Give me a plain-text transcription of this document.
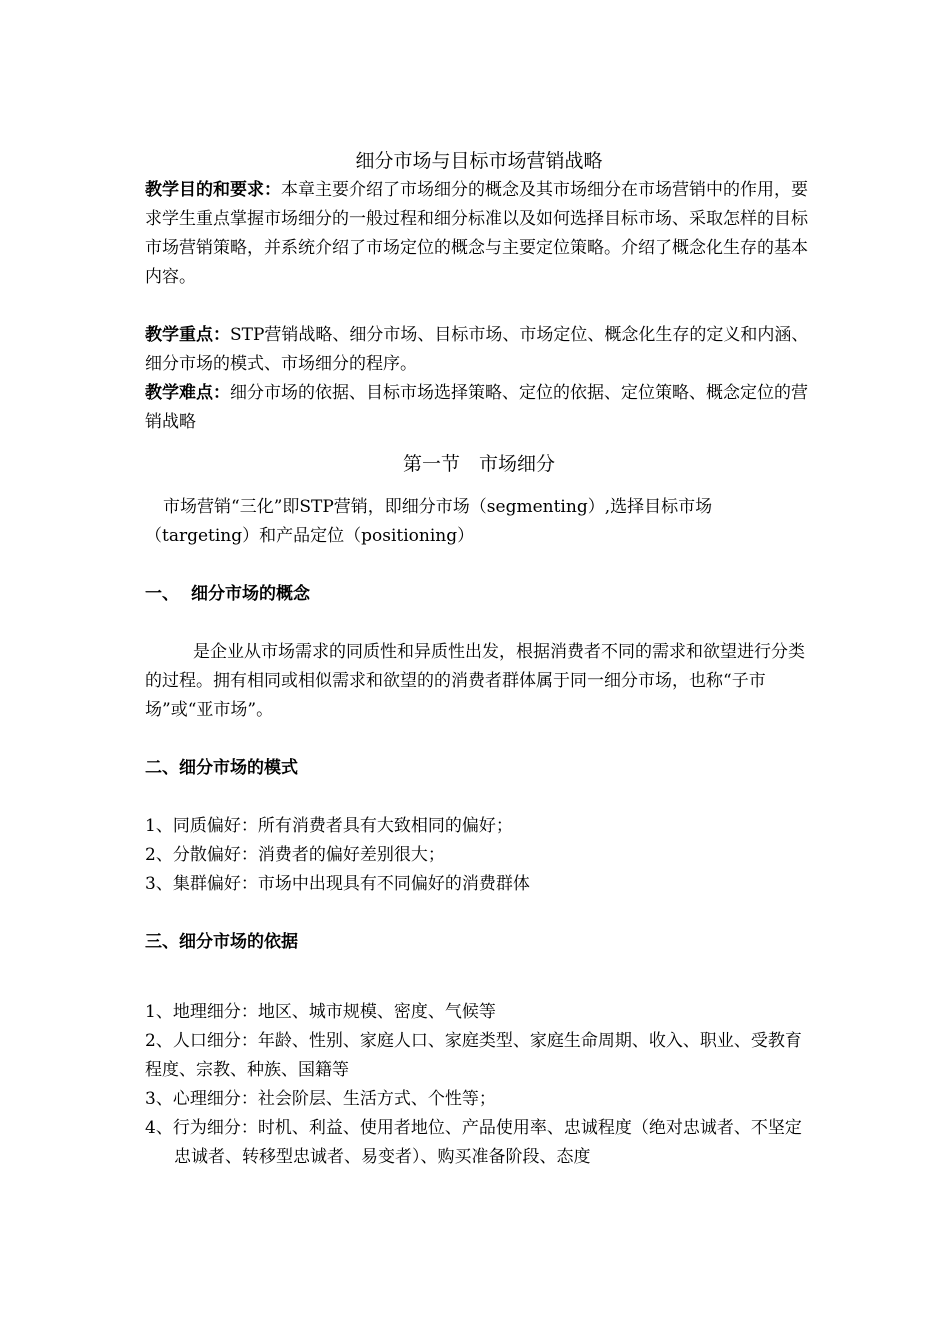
细分市场与目标市场营销战略

教学目的和要求：本章主要介绍了市场细分的概念及其市场细分在市场营销中的作用，要求学生重点掌握市场细分的一般过程和细分标准以及如何选择目标市场、采取怎样的目标市场营销策略，并系统介绍了市场定位的概念与主要定位策略。介绍了概念化生存的基本内容。

教学重点：STP营销战略、细分市场、目标市场、市场定位、概念化生存的定义和内涵、细分市场的模式、市场细分的程序。

教学难点：细分市场的依据、目标市场选择策略、定位的依据、定位策略、概念定位的营销战略

第一节　市场细分

市场营销“三化”即STP营销，即细分市场（segmenting）,选择目标市场（targeting）和产品定位（positioning）

一、 细分市场的概念

是企业从市场需求的同质性和异质性出发，根据消费者不同的需求和欲望进行分类的过程。拥有相同或相似需求和欲望的的消费者群体属于同一细分市场，也称“子市场”或“亚市场”。

二、细分市场的模式

1、同质偏好：所有消费者具有大致相同的偏好；

2、分散偏好：消费者的偏好差别很大；

3、集群偏好：市场中出现具有不同偏好的消费群体

三、细分市场的依据

1、地理细分：地区、城市规模、密度、气候等

2、人口细分：年龄、性别、家庭人口、家庭类型、家庭生命周期、收入、职业、受教育程度、宗教、种族、国籍等

3、心理细分：社会阶层、生活方式、个性等；

4、行为细分：时机、利益、使用者地位、产品使用率、忠诚程度（绝对忠诚者、不坚定忠诚者、转移型忠诚者、易变者）、购买准备阶段、态度
